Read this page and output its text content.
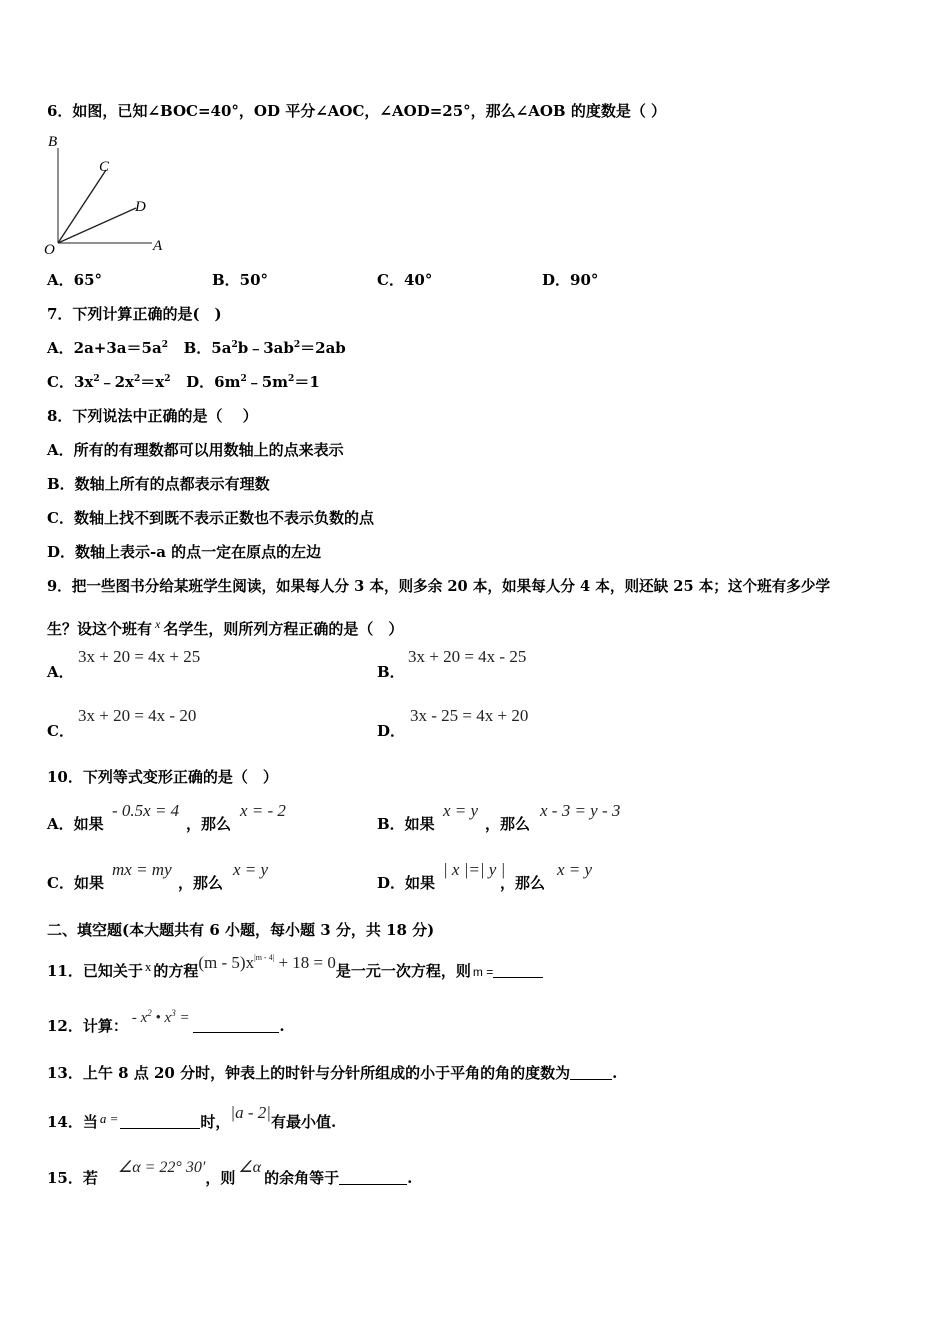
6．如图，已知∠BOC=40°，OD 平分∠AOC，∠AOD=25°，那么∠AOB 的度数是（ ）
B
C
D
O	A
A．65°	B．50°	C．40°	D．90°
7．下列计算正确的是(　)
A．$2a+3a=5a^2$ B．$5a^2b﹣3ab^2=2ab$
C．$3x^2﹣2x^2=x^2$ D．$6m^2﹣5m^2=1$
8．下列说法中正确的是（　 ）
A．所有的有理数都可以用数轴上的点来表示
B．数轴上所有的点都表示有理数
C．数轴上找不到既不表示正数也不表示负数的点
D．数轴上表示-a 的点一定在原点的左边
9．把一些图书分给某班学生阅读，如果每人分 3 本，则多余 20 本，如果每人分 4 本，则还缺 25 本；这个班有多少学
生？设这个班有 $^x$ 名学生，则所列方程正确的是（　）
A．
3x + 20 = 4x + 25
B．
3x + 20 = 4x - 25
C．
3x + 20 = 4x - 20
D．
3x - 25 = 4x + 20
10．下列等式变形正确的是（　）
A．如果
- 0.5x = 4
，那么
x = - 2
B．如果
x = y
，那么
x - 3 = y - 3
C．如果
mx = my
，那么
x = y
D．如果
| x |=| y |
，那么
x = y
二、填空题(本大题共有 6 小题，每小题 3 分，共 18 分)
11．已知关于 x 的方程$(m - 5)x^{|m - 4|} + 18 = 0$是一元一次方程，则 m =
12．计算： - $x^2$ • $x^3$ =	.
13．上午 8 点 20 分时，钟表上的时针与分针所组成的小于平角的角的度数为	.
14．当 a =	时，|a - 2|有最小值.
15．若∠α = 22° 30′，则∠α的余角等于	.
